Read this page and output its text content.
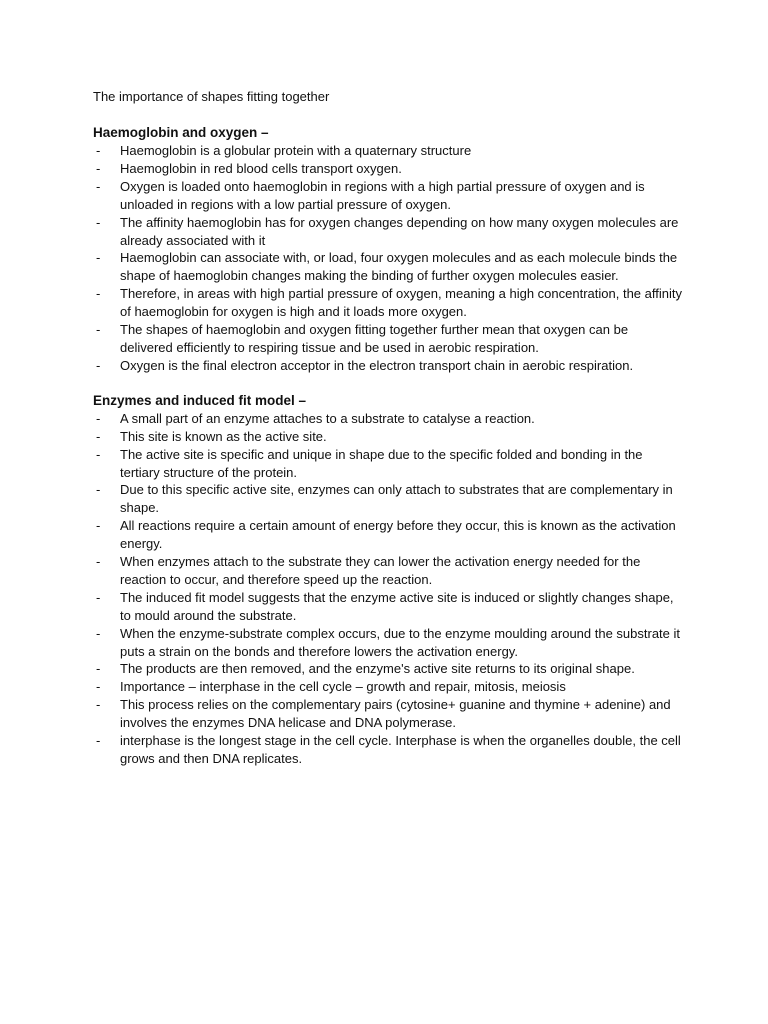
The importance of shapes fitting together

Haemoglobin and oxygen –

- Haemoglobin is a globular protein with a quaternary structure
- Haemoglobin in red blood cells transport oxygen.
- Oxygen is loaded onto haemoglobin in regions with a high partial pressure of oxygen and is unloaded in regions with a low partial pressure of oxygen.
- The affinity haemoglobin has for oxygen changes depending on how many oxygen molecules are already associated with it
- Haemoglobin can associate with, or load, four oxygen molecules and as each molecule binds the shape of haemoglobin changes making the binding of further oxygen molecules easier.
- Therefore, in areas with high partial pressure of oxygen, meaning a high concentration, the affinity of haemoglobin for oxygen is high and it loads more oxygen.
- The shapes of haemoglobin and oxygen fitting together further mean that oxygen can be delivered efficiently to respiring tissue and be used in aerobic respiration.
- Oxygen is the final electron acceptor in the electron transport chain in aerobic respiration.

Enzymes and induced fit model –

- A small part of an enzyme attaches to a substrate to catalyse a reaction.
- This site is known as the active site.
- The active site is specific and unique in shape due to the specific folded and bonding in the tertiary structure of the protein.
- Due to this specific active site, enzymes can only attach to substrates that are complementary in shape.
- All reactions require a certain amount of energy before they occur, this is known as the activation energy.
- When enzymes attach to the substrate they can lower the activation energy needed for the reaction to occur, and therefore speed up the reaction.
- The induced fit model suggests that the enzyme active site is induced or slightly changes shape, to mould around the substrate.
- When the enzyme-substrate complex occurs, due to the enzyme moulding around the substrate it puts a strain on the bonds and therefore lowers the activation energy.
- The products are then removed, and the enzyme's active site returns to its original shape.
- Importance – interphase in the cell cycle – growth and repair, mitosis, meiosis
- This process relies on the complementary pairs (cytosine+ guanine and thymine + adenine) and involves the enzymes DNA helicase and DNA polymerase.
- interphase is the longest stage in the cell cycle. Interphase is when the organelles double, the cell grows and then DNA replicates.
